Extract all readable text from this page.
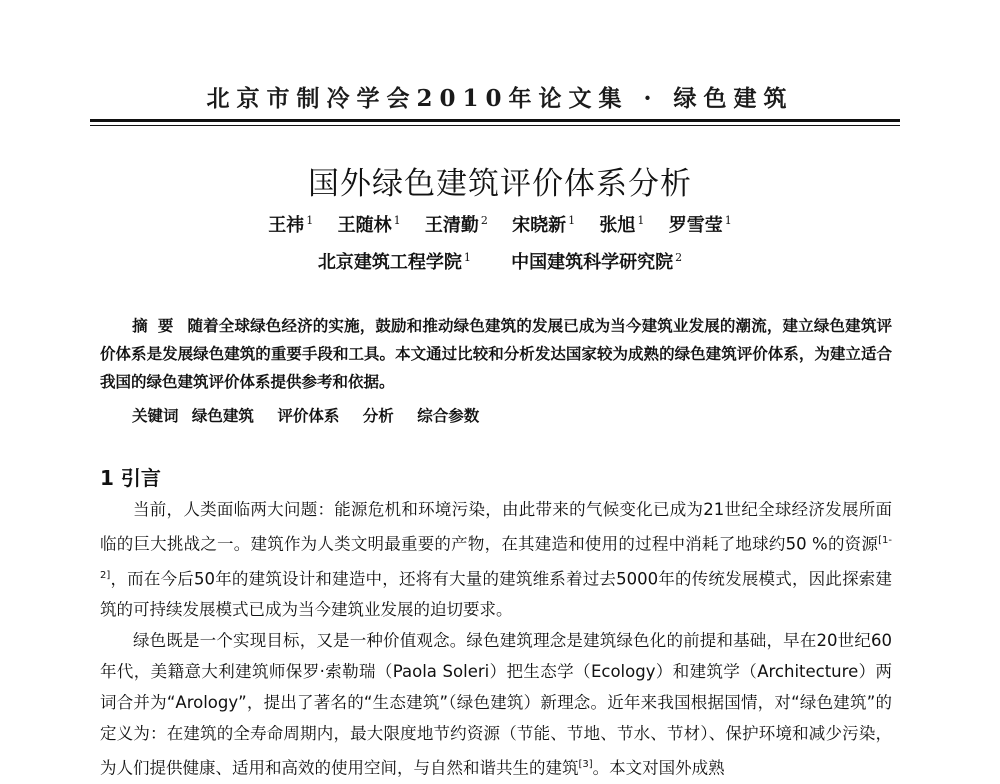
北京市制冷学会2010年论文集 · 绿色建筑
国外绿色建筑评价体系分析
王祎 $^1$ 王随林 $^1$ 王清勤 $^2$ 宋晓新 $^1$ 张旭 $^1$ 罗雪莹 $^1$
北京建筑工程学院 $^1$ 中国建筑科学研究院 $^2$
摘要 随着全球绿色经济的实施，鼓励和推动绿色建筑的发展已成为当今建筑业发展的潮流，建立绿色建筑评价体系是发展绿色建筑的重要手段和工具。本文通过比较和分析发达国家较为成熟的绿色建筑评价体系，为建立适合我国的绿色建筑评价体系提供参考和依据。
关键词 绿色建筑 评价体系 分析 综合参数
1 引言

当前，人类面临两大问题：能源危机和环境污染，由此带来的气候变化已成为21世纪全球经济发展所面临的巨大挑战之一。建筑作为人类文明最重要的产物，在其建造和使用的过程中消耗了地球约50 %的资源[1-2]，而在今后50年的建筑设计和建造中，还将有大量的建筑维系着过去5000年的传统发展模式，因此探索建筑的可持续发展模式已成为当今建筑业发展的迫切要求。

绿色既是一个实现目标，又是一种价值观念。绿色建筑理念是建筑绿色化的前提和基础，早在20世纪60年代，美籍意大利建筑师保罗·索勒瑞（Paola Soleri）把生态学（Ecology）和建筑学（Architecture）两词合并为“Arology”，提出了著名的“生态建筑”（绿色建筑）新理念。近年来我国根据国情，对“绿色建筑”的定义为：在建筑的全寿命周期内，最大限度地节约资源（节能、节地、节水、节材）、保护环境和减少污染，为人们提供健康、适用和高效的使用空间，与自然和谐共生的建筑[3]。本文对国外成熟
